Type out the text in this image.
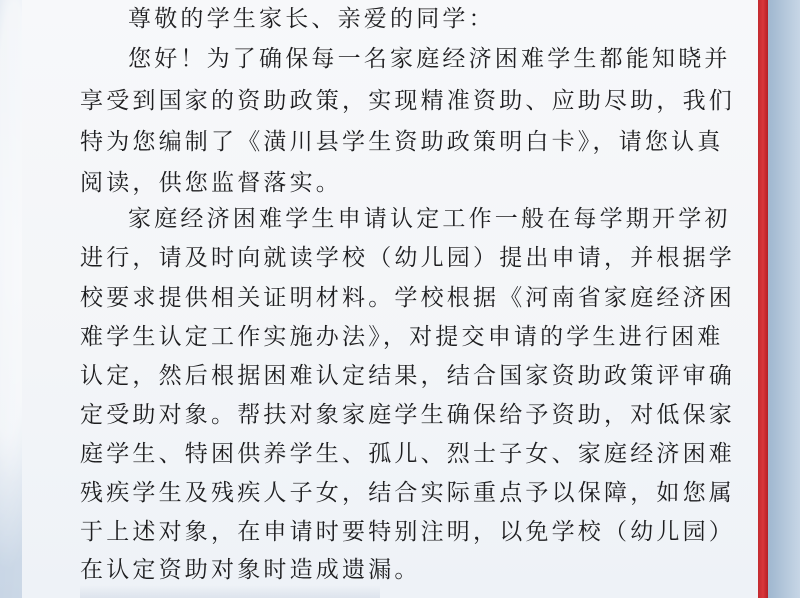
尊敬的学生家长、亲爱的同学：
您好！为了确保每一名家庭经济困难学生都能知晓并
享受到国家的资助政策，实现精准资助、应助尽助，我们
特为您编制了《潢川县学生资助政策明白卡》，请您认真
阅读，供您监督落实。
家庭经济困难学生申请认定工作一般在每学期开学初
进行，请及时向就读学校（幼儿园）提出申请，并根据学
校要求提供相关证明材料。学校根据《河南省家庭经济困
难学生认定工作实施办法》，对提交申请的学生进行困难
认定，然后根据困难认定结果，结合国家资助政策评审确
定受助对象。帮扶对象家庭学生确保给予资助，对低保家
庭学生、特困供养学生、孤儿、烈士子女、家庭经济困难
残疾学生及残疾人子女，结合实际重点予以保障，如您属
于上述对象，在申请时要特别注明，以免学校（幼儿园）
在认定资助对象时造成遗漏。
